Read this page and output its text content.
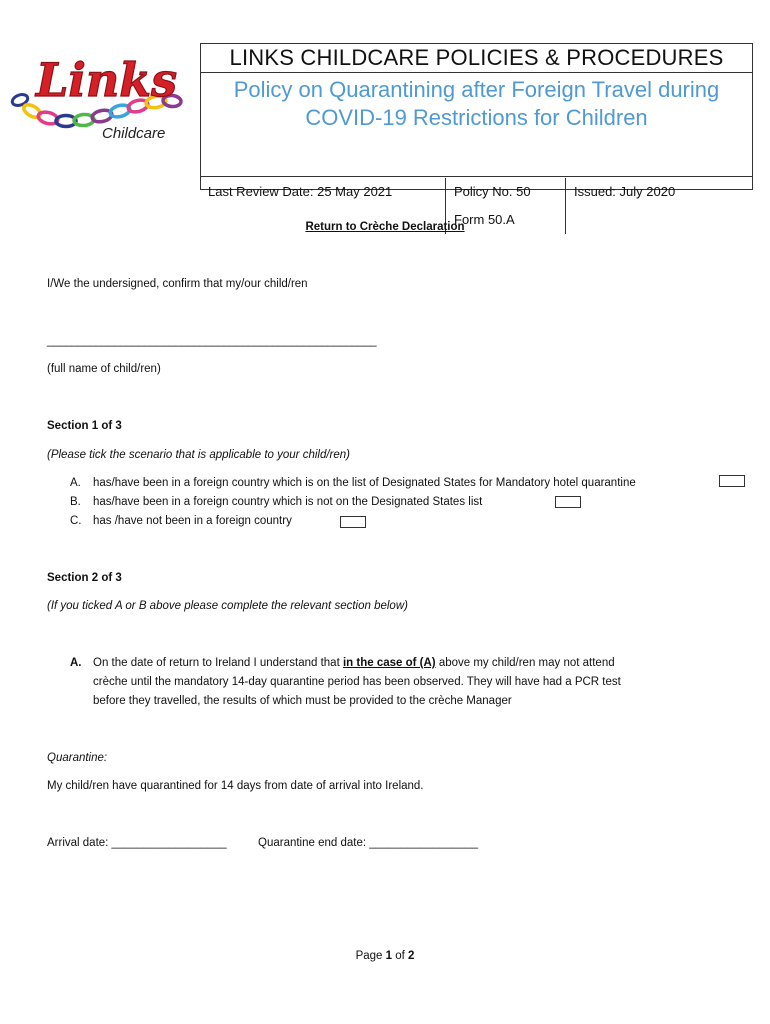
Links
Childcare
LINKS CHILDCARE POLICIES & PROCEDURES
Policy on Quarantining after Foreign Travel during
COVID-19 Restrictions for Children
Last Review Date: 25 May 2021	Policy No. 50
Form 50.A
Issued: July 2020
Return to Crèche Declaration
I/We the undersigned, confirm that my/our child/ren
______________________________________________________
(full name of child/ren)
Section 1 of 3
(Please tick the scenario that is applicable to your child/ren)
A. has/have been in a foreign country which is on the list of Designated States for Mandatory hotel quarantine
B. has/have been in a foreign country which is not on the Designated States list
C. has /have not been in a foreign country
Section 2 of 3
(If you ticked A or B above please complete the relevant section below)
A. On the date of return to Ireland I understand that in the case of (A) above my child/ren may not attend
crèche until the mandatory 14-day quarantine period has been observed. They will have had a PCR test
before they travelled, the results of which must be provided to the crèche Manager
Quarantine:
My child/ren have quarantined for 14 days from date of arrival into Ireland.
Arrival date: __________________	Quarantine end date: _________________
Page 1 of 2
